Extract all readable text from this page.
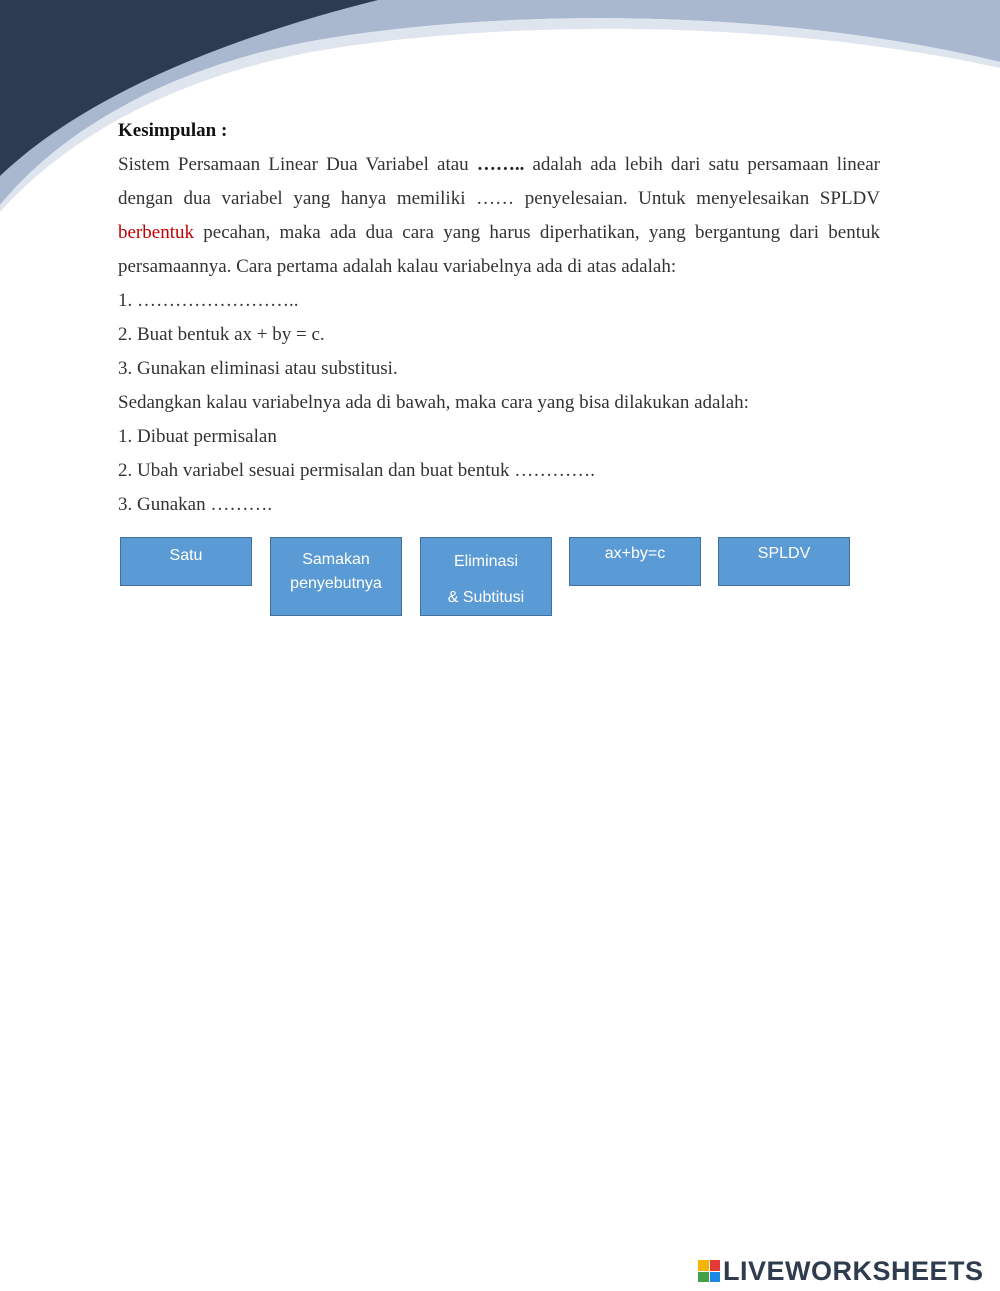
Kesimpulan :

Sistem Persamaan Linear Dua Variabel atau …….. adalah ada lebih dari satu persamaan linear dengan dua variabel yang hanya memiliki …… penyelesaian. Untuk menyelesaikan SPLDV berbentuk pecahan, maka ada dua cara yang harus diperhatikan, yang bergantung dari bentuk persamaannya. Cara pertama adalah kalau variabelnya ada di atas adalah:

1. ……………………..

2. Buat bentuk ax + by = c.

3. Gunakan eliminasi atau substitusi.

Sedangkan kalau variabelnya ada di bawah, maka cara yang bisa dilakukan adalah:

1. Dibuat permisalan

2. Ubah variabel sesuai permisalan dan buat bentuk ………….

3. Gunakan ……….

Satu	Samakan
penyebutnya
Eliminasi
& Subtitusi
ax+by=c	SPLDV
LIVEWORKSHEETS
